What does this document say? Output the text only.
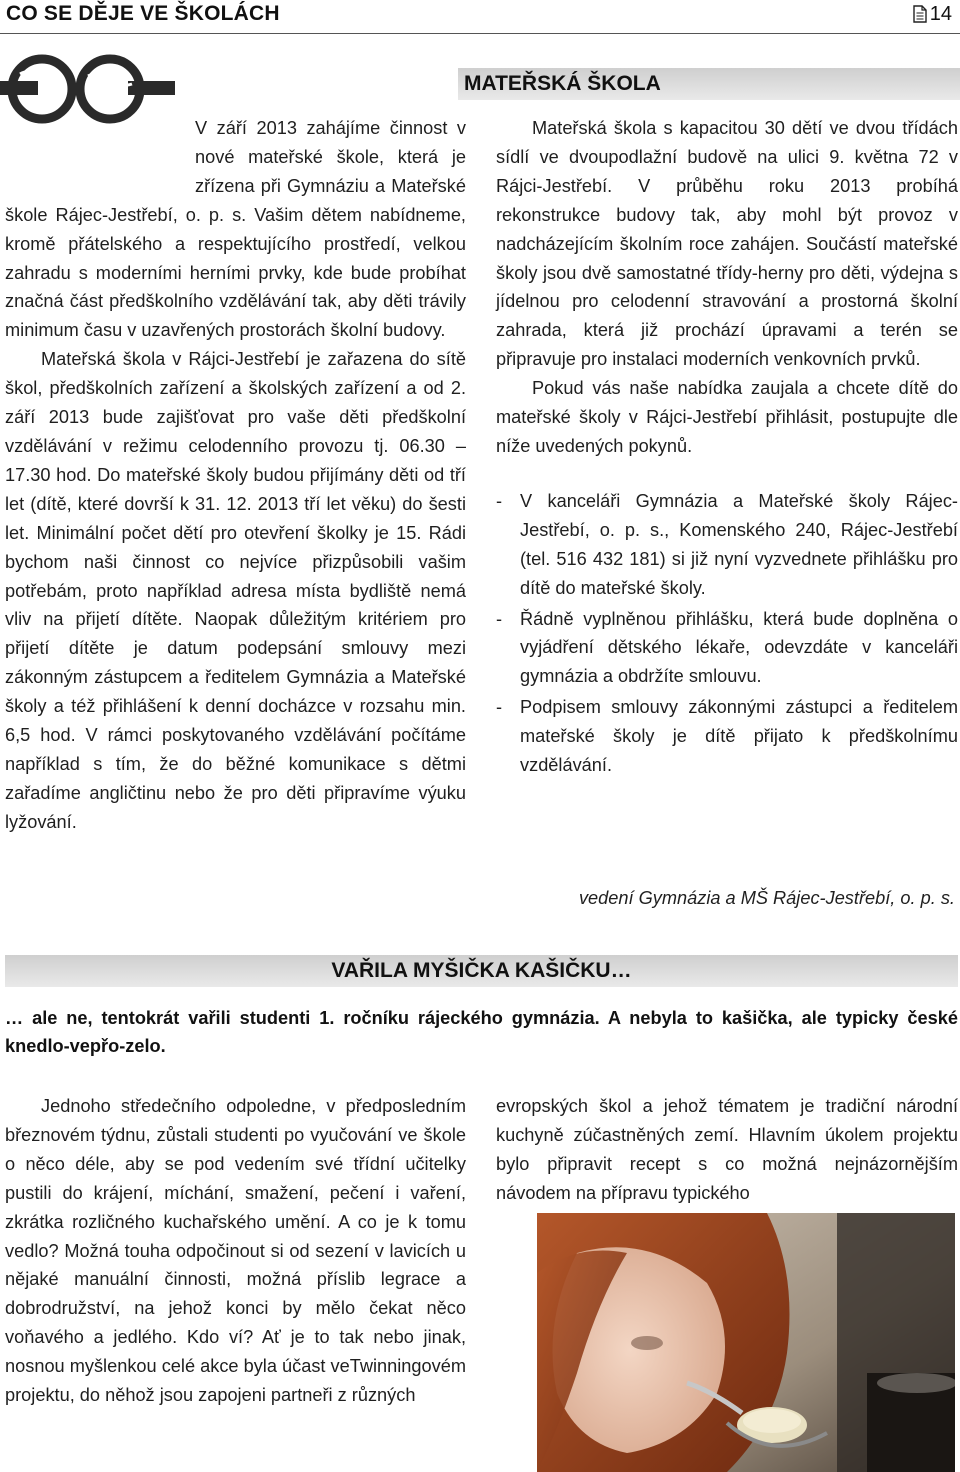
CO SE DĚJE VE ŠKOLÁCH	14
MATEŘSKÁ ŠKOLA

V září 2013 zahájíme činnost v nové mateřské škole, která je zřízena při Gymnáziu a Mateřské škole Rájec-Jestřebí, o. p. s. Vašim dětem nabídneme, kromě přátelského a respektujícího prostředí, velkou zahradu s moderními herními prvky, kde bude probíhat značná část předškolního vzdělávání tak, aby děti trávily minimum času v uzavřených prostorách školní budovy.

Mateřská škola v Rájci-Jestřebí je zařazena do sítě škol, předškolních zařízení a školských zařízení a od 2. září 2013 bude zajišťovat pro vaše děti předškolní vzdělávání v režimu celodenního provozu tj. 06.30 – 17.30 hod. Do mateřské školy budou přijímány děti od tří let (dítě, které dovrší k 31. 12. 2013 tří let věku) do šesti let. Minimální počet dětí pro otevření školky je 15. Rádi bychom naši činnost co nejvíce přizpůsobili vašim potřebám, proto například adresa místa bydliště nemá vliv na přijetí dítěte. Naopak důležitým kritériem pro přijetí dítěte je datum podepsání smlouvy mezi zákonným zástupcem a ředitelem Gymnázia a Mateřské školy a též přihlášení k denní docházce v rozsahu min. 6,5 hod. V rámci poskytovaného vzdělávání počítáme například s tím, že do běžné komunikace s dětmi zařadíme angličtinu nebo že pro děti připravíme výuku lyžování.

Mateřská škola s kapacitou 30 dětí ve dvou třídách sídlí ve dvoupodlažní budově na ulici 9. května 72 v Rájci-Jestřebí. V průběhu roku 2013 probíhá rekonstrukce budovy tak, aby mohl být provoz v nadcházejícím školním roce zahájen. Součástí mateřské školy jsou dvě samostatné třídy-herny pro děti, výdejna s jídelnou pro celodenní stravování a prostorná školní zahrada, která již prochází úpravami a terén se připravuje pro instalaci moderních venkovních prvků.

Pokud vás naše nabídka zaujala a chcete dítě do mateřské školy v Rájci-Jestřebí přihlásit, postupujte dle níže uvedených pokynů.

- V kanceláři Gymnázia a Mateřské školy Rájec-Jestřebí, o. p. s., Komenského 240, Rájec-Jestřebí (tel. 516 432 181) si již nyní vyzvednete přihlášku pro dítě do mateřské školy.
- Řádně vyplněnou přihlášku, která bude doplněna o vyjádření dětského lékaře, odevzdáte v kanceláři gymnázia a obdržíte smlouvu.
- Podpisem smlouvy zákonnými zástupci a ředitelem mateřské školy je dítě přijato k předškolnímu vzdělávání.
vedení Gymnázia a MŠ Rájec-Jestřebí, o. p. s.
VAŘILA MYŠIČKA KAŠIČKU…
… ale ne, tentokrát vařili studenti 1. ročníku rájeckého gymnázia. A nebyla to kašička, ale typicky české knedlo-vepřo-zelo.

Jednoho středečního odpoledne, v předposledním březnovém týdnu, zůstali studenti po vyučování ve škole o něco déle, aby se pod vedením své třídní učitelky pustili do krájení, míchání, smažení, pečení i vaření, zkrátka rozličného kuchařského umění. A co je k tomu vedlo? Možná touha odpočinout si od sezení v lavicích u nějaké manuální činnosti, možná příslib legrace a dobrodružství, na jehož konci by mělo čekat něco voňavého a jedlého. Kdo ví? Ať je to tak nebo jinak, nosnou myšlenkou celé akce byla účast veTwinningovém projektu, do něhož jsou zapojeni partneři z různých

evropských škol a jehož tématem je tradiční národní kuchyně zúčastněných zemí. Hlavním úkolem projektu bylo připravit recept s co možná nejnázornějším návodem na přípravu typického
